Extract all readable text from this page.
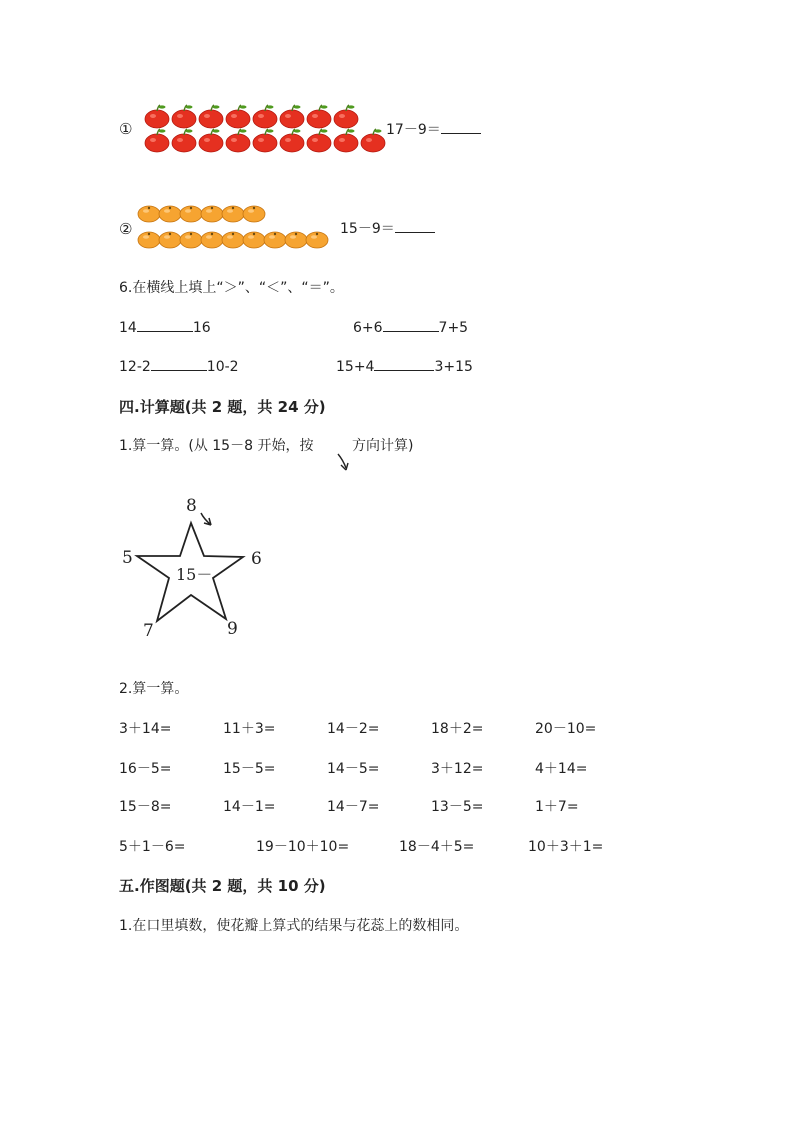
①	17－9＝
②	15－9＝
6.在横线上填上“＞”、“＜”、“＝”。
14	16	6+6	7+5
12-2	10-2	15+4	3+15
四.计算题(共 2 题，共 24 分)
1.算一算。(从 15－8 开始，按	方向计算)
8
6
5
7	9
15－
2.算一算。
3＋14=	11＋3=	14－2=	18＋2=	20－10=
16－5=	15－5=	14－5=	3＋12=	4＋14=
15－8=	14－1=	14－7=	13－5=	1＋7=
5＋1－6=	19－10＋10=	18－4＋5=	10＋3＋1=
五.作图题(共 2 题，共 10 分)
1.在口里填数，使花瓣上算式的结果与花蕊上的数相同。
